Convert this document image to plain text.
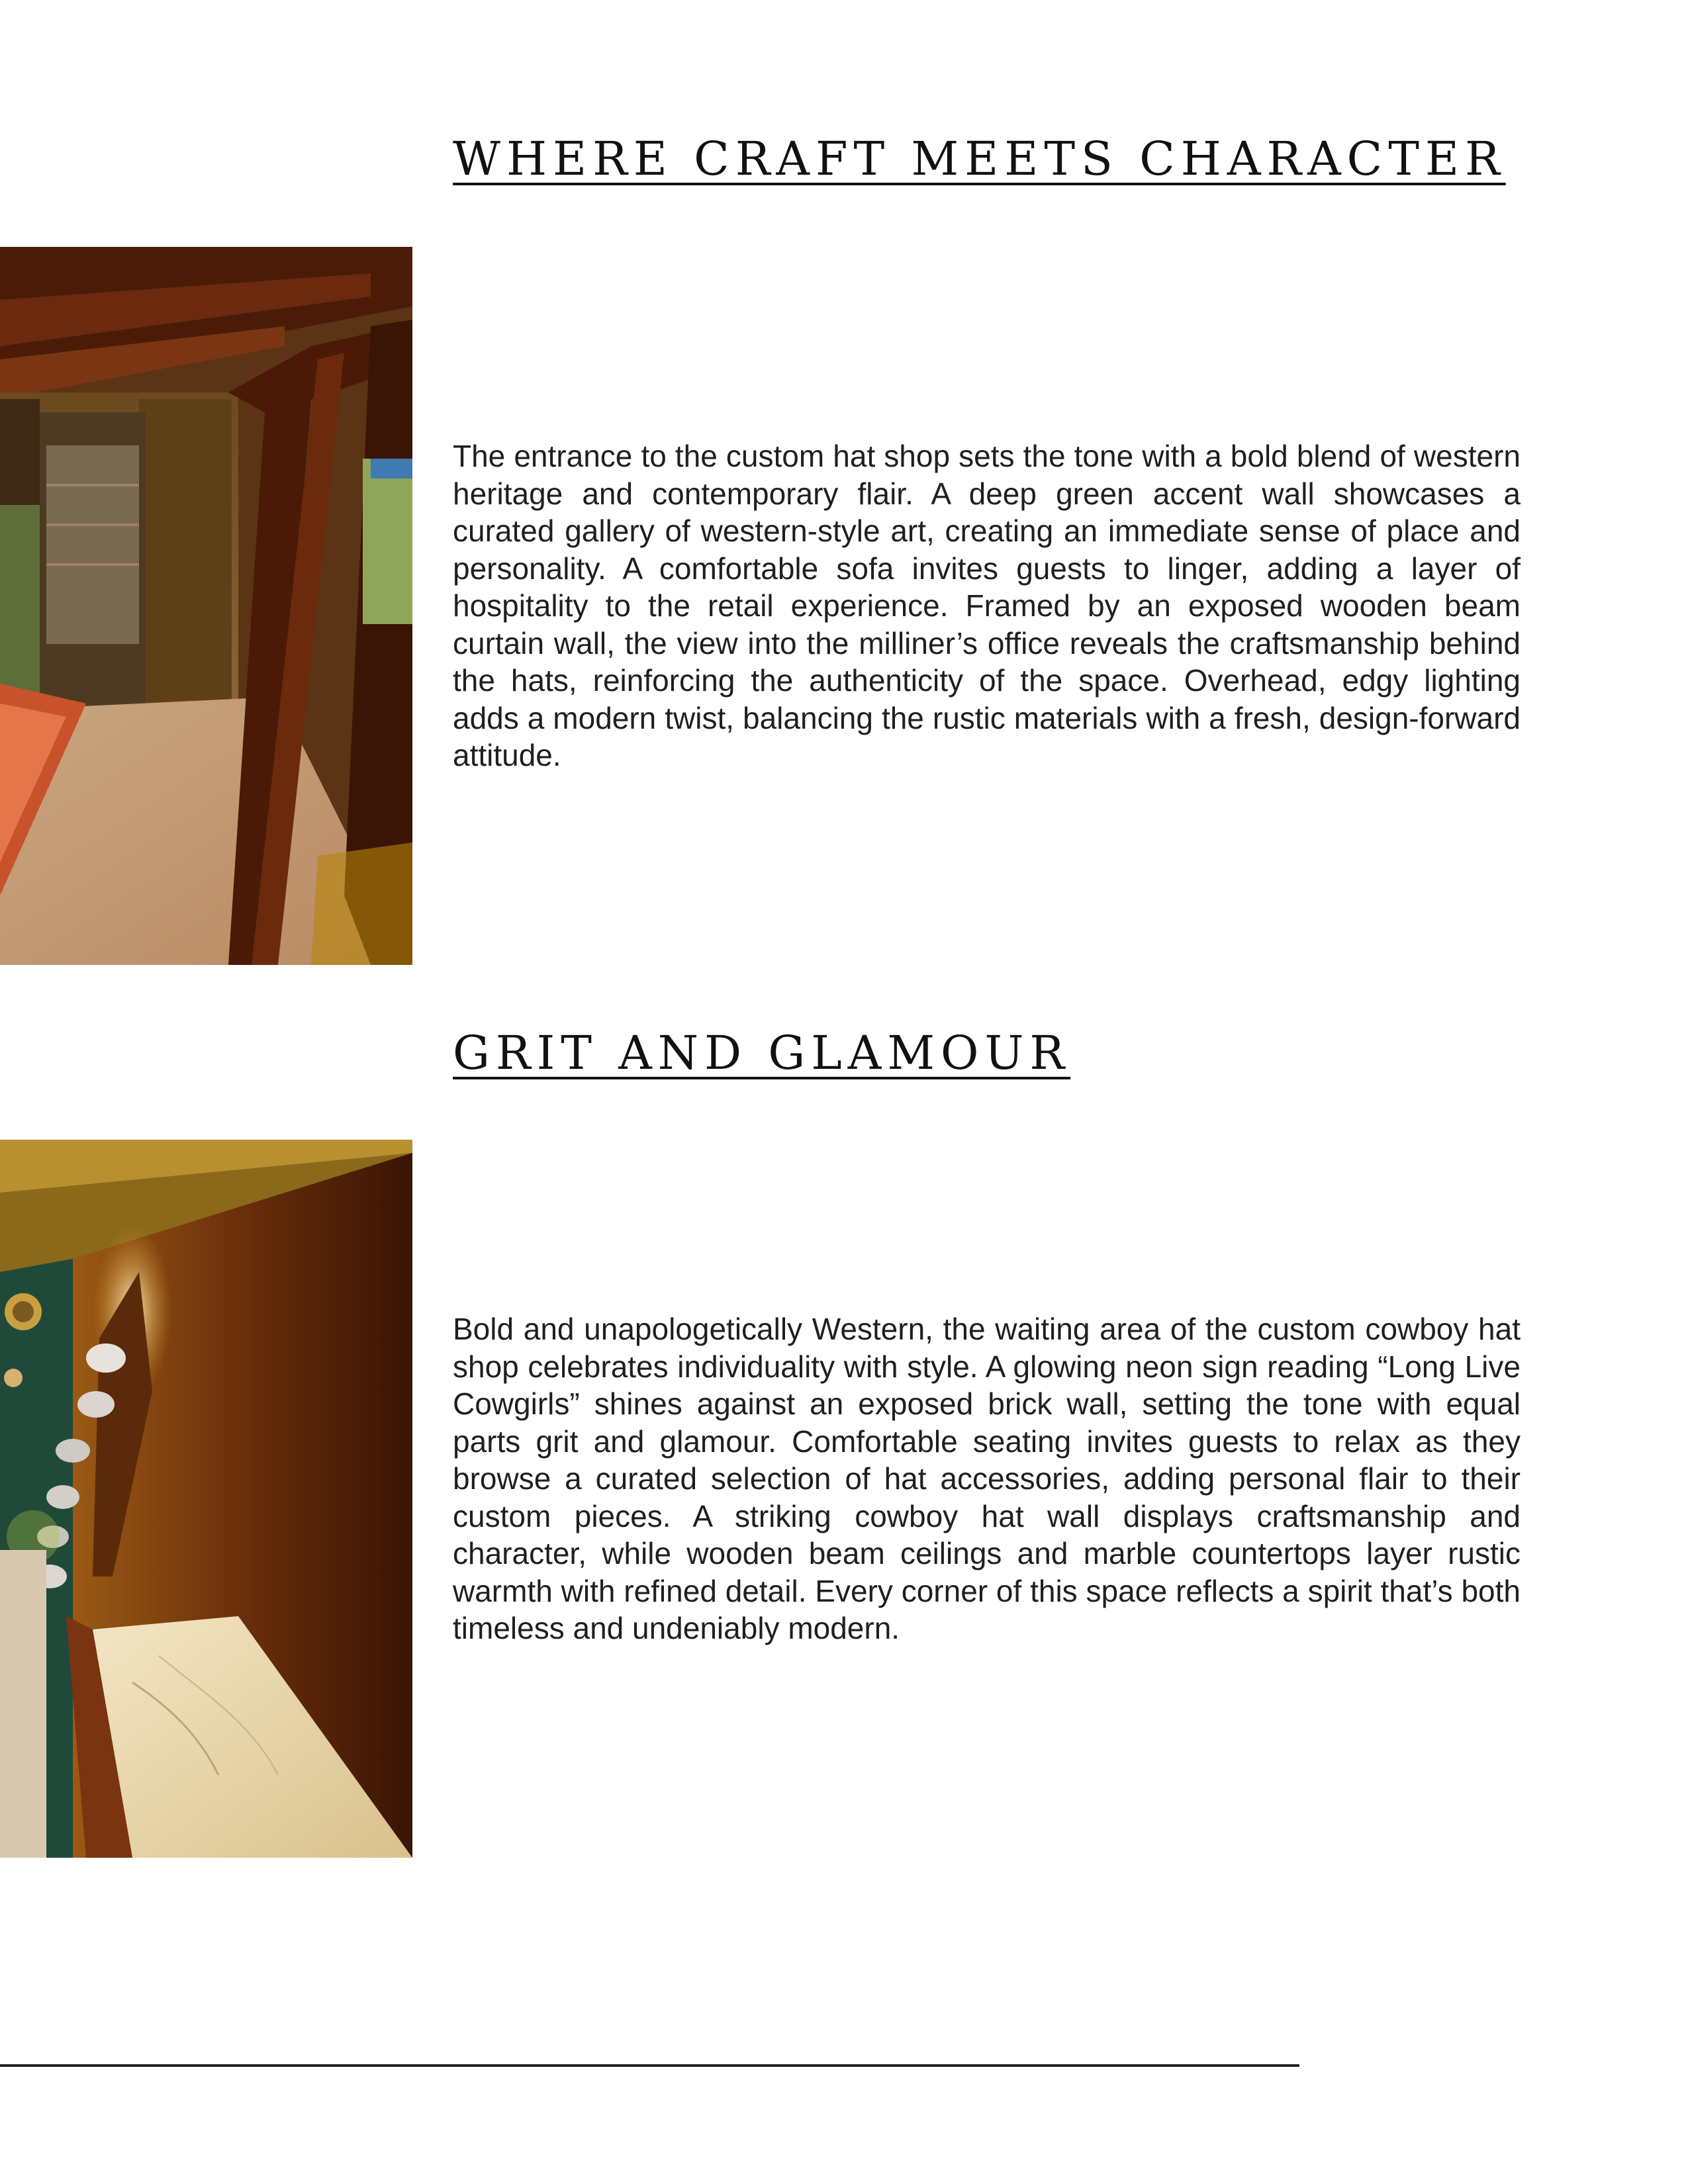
WHERE CRAFT MEETS CHARACTER

The entrance to the custom hat shop sets the tone with a bold blend of western heritage and contemporary flair. A deep green accent wall showcases a curated gallery of western-style art, creating an immediate sense of place and personality. A comfortable sofa invites guests to linger, adding a layer of hospitality to the retail experience. Framed by an exposed wooden beam curtain wall, the view into the milliner’s office reveals the craftsmanship behind the hats, reinforcing the authenticity of the space. Overhead, edgy lighting adds a modern twist, balancing the rustic materials with a fresh, design-forward attitude.

GRIT AND GLAMOUR

Bold and unapologetically Western, the waiting area of the custom cowboy hat shop celebrates individuality with style. A glowing neon sign reading “Long Live Cowgirls” shines against an exposed brick wall, setting the tone with equal parts grit and glamour. Comfortable seating invites guests to relax as they browse a curated selection of hat accessories, adding personal flair to their custom pieces. A striking cowboy hat wall displays craftsmanship and character, while wooden beam ceilings and marble countertops layer rustic warmth with refined detail. Every corner of this space reflects a spirit that’s both timeless and undeniably modern.
